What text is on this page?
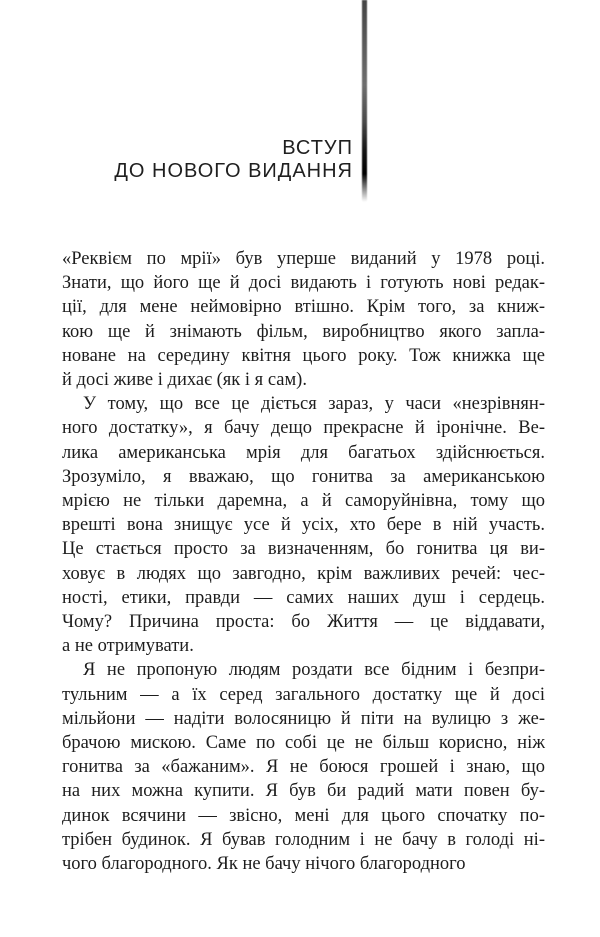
ВСТУП
ДО НОВОГО ВИДАННЯ
«Реквієм по мрії» був уперше виданий у 1978 році.
Знати, що його ще й досі видають і готують нові редак-
ції, для мене неймовірно втішно. Крім того, за книж-
кою ще й знімають фільм, виробництво якого запла-
новане на середину квітня цього року. Тож книжка ще
й досі живе і дихає (як і я сам).
У тому, що все це діється зараз, у часи «незрівнян-
ного достатку», я бачу дещо прекрасне й іронічне. Ве-
лика американська мрія для багатьох здійснюється.
Зрозуміло, я вважаю, що гонитва за американською
мрією не тільки даремна, а й саморуйнівна, тому що
врешті вона знищує усе й усіх, хто бере в ній участь.
Це стається просто за визначенням, бо гонитва ця ви-
ховує в людях що завгодно, крім важливих речей: чес-
ності, етики, правди — самих наших душ і сердець.
Чому? Причина проста: бо Життя — це віддавати,
а не отримувати.
Я не пропоную людям роздати все бідним і безпри-
тульним — а їх серед загального достатку ще й досі
мільйони — надіти волосяницю й піти на вулицю з же-
брачою мискою. Саме по собі це не більш корисно, ніж
гонитва за «бажаним». Я не боюся грошей і знаю, що
на них можна купити. Я був би радий мати повен бу-
динок всячини — звісно, мені для цього спочатку по-
трібен будинок. Я бував голодним і не бачу в голоді ні-
чого благородного. Як не бачу нічого благородного
